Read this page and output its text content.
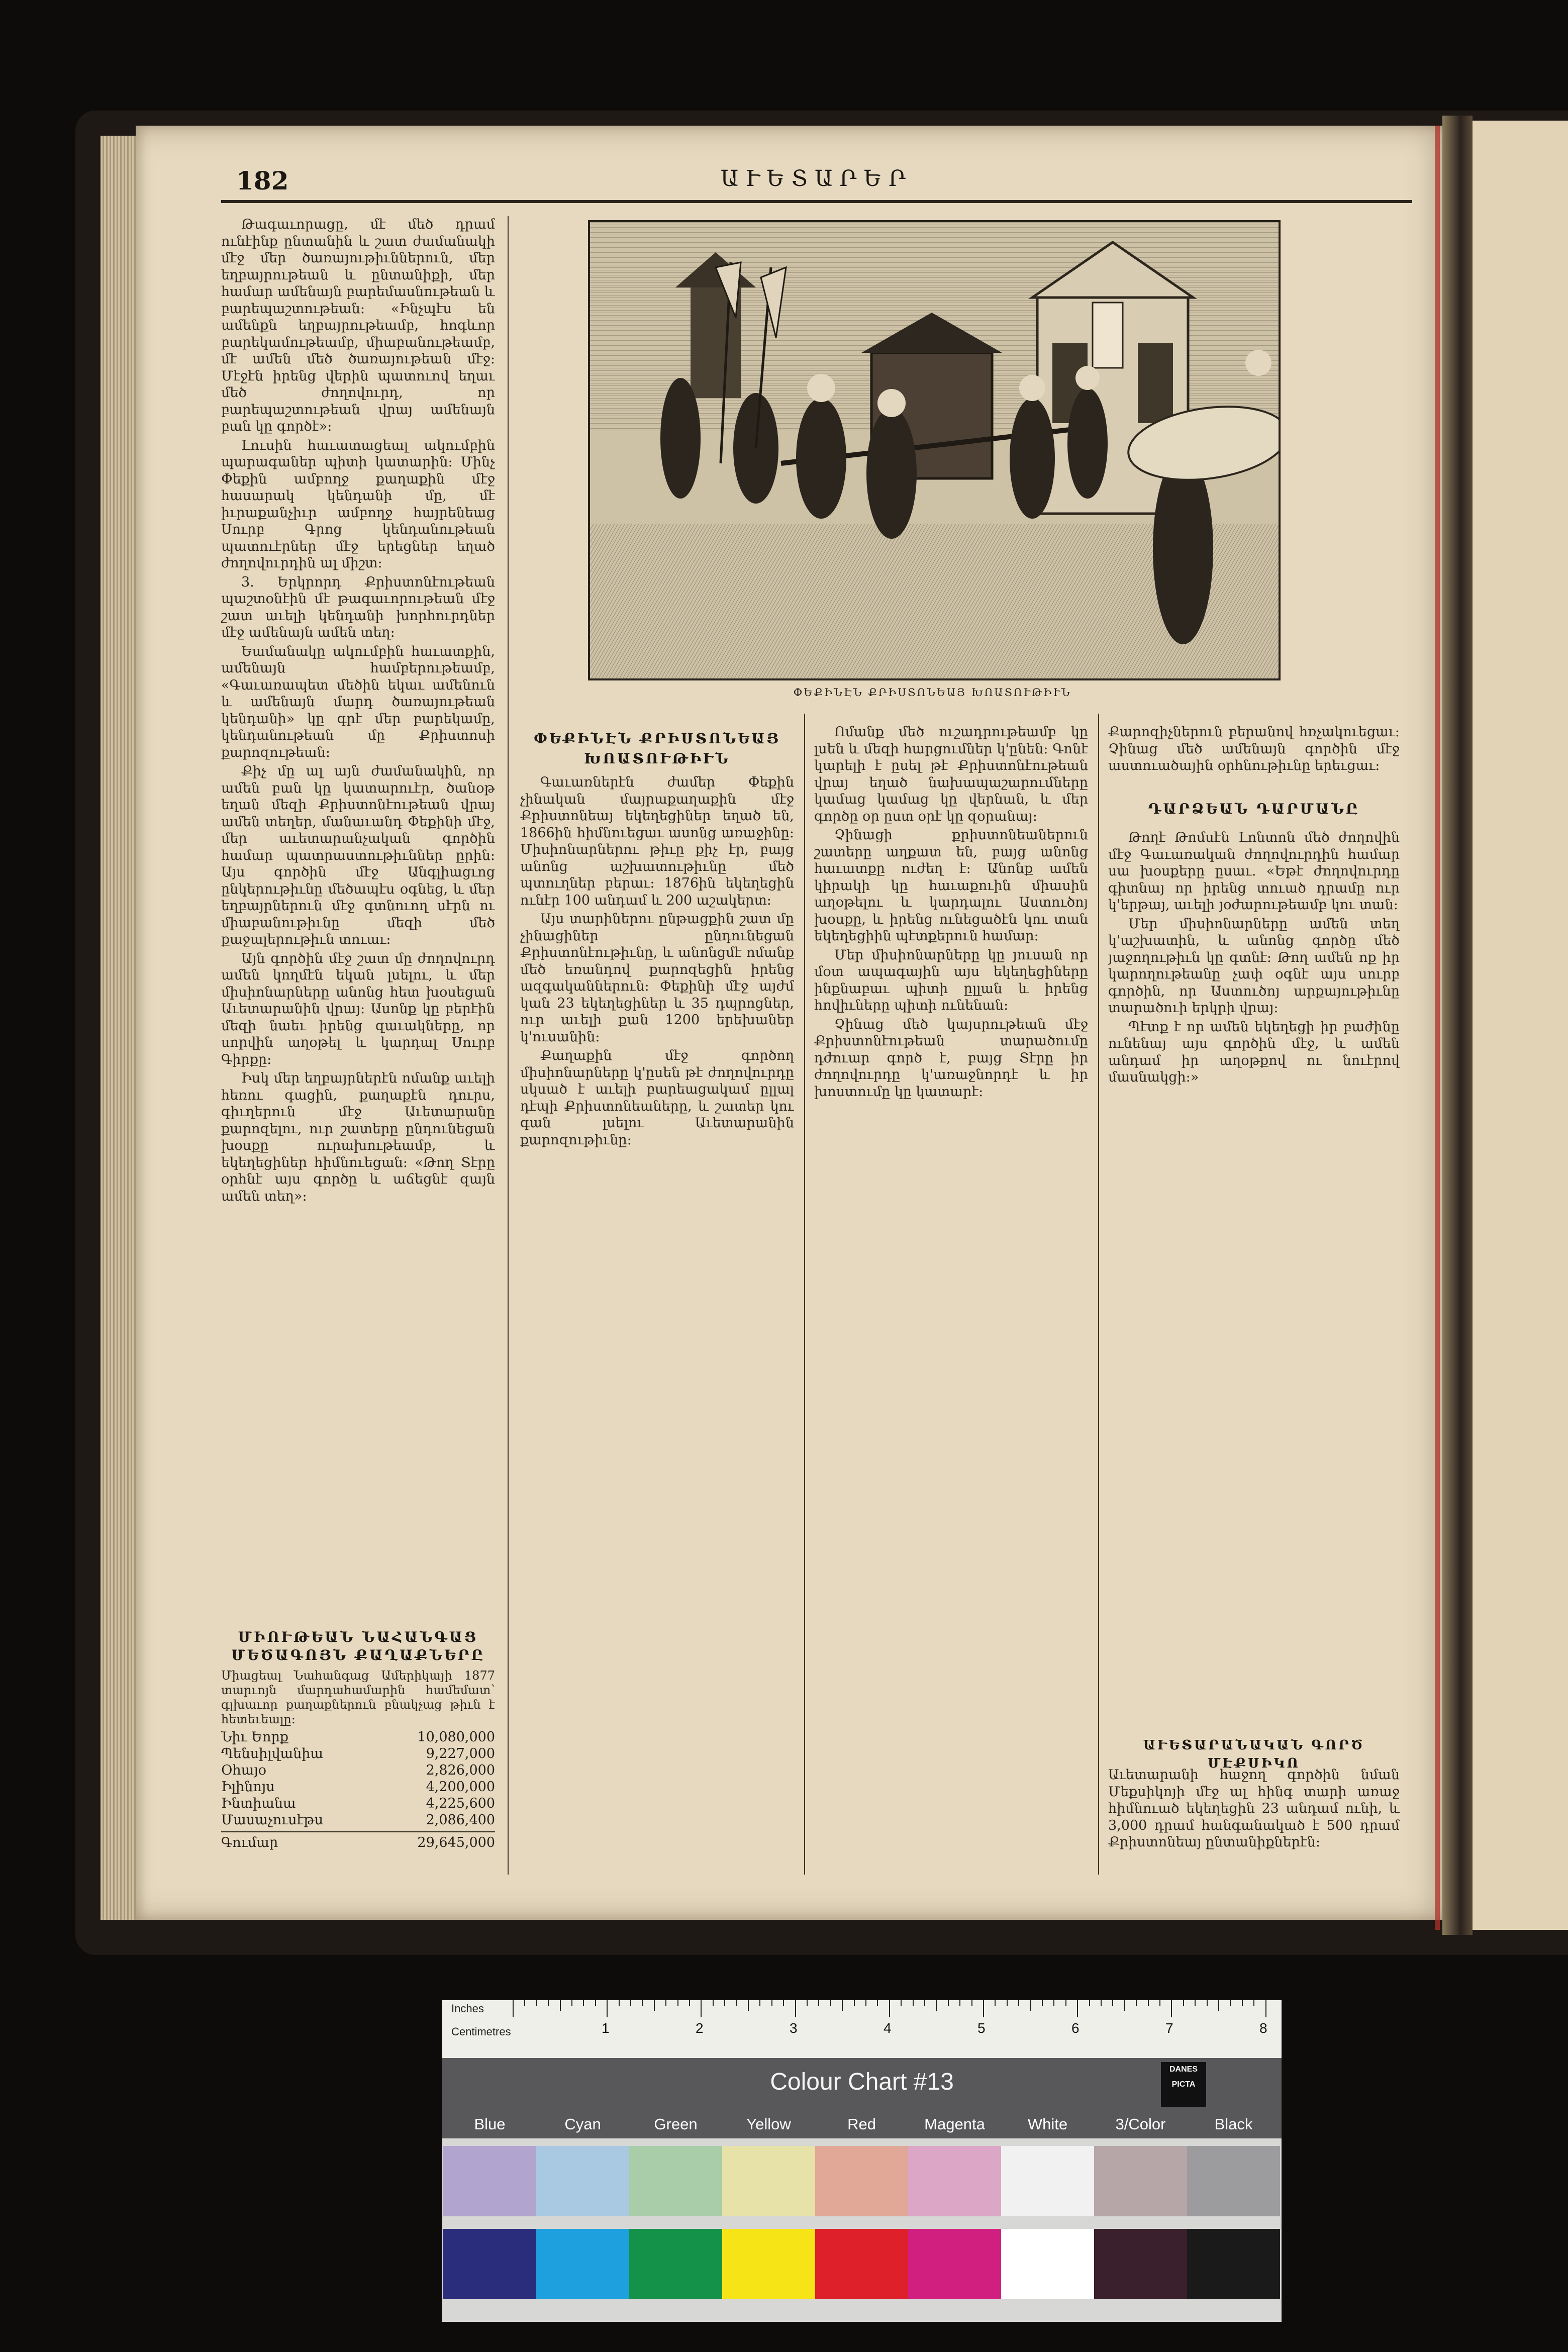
182	ԱՒԵՏԱՐԵՐ

Թագաւորացը, մէ մեծ դրամ ունէինք ընտանին և շատ ժամանակի մէջ մեր ծառայութիւններուն, մեր եղբայրութեան և ընտանիքի, մեր համար ամենայն բարեմասնութեան և բարեպաշտութեան: «Ինչպէս են ամենքն եղբայրութեամբ, հոգևոր բարեկամութեամբ, միաբանութեամբ, մէ ամեն մեծ ծառայութեան մէջ: Մէջէն իրենց վերին պատուով եղաւ մեծ ժողովուրդ, որ բարեպաշտութեան վրայ ամենայն բան կը գործէ»:

Լուսին հաւատացեալ ակումբին պարագաներ պիտի կատարին: Մինչ Փեքին ամբողջ քաղաքին մէջ հասարակ կենդանի մը, մէ իւրաքանչիւր ամբողջ հայրենեաց Սուրբ Գրոց կենդանութեան պատուէրներ մէջ երեցներ եղած ժողովուրդին ալ միշտ:

3. Երկրորդ Քրիստոնէութեան պաշտօնէին մէ թագաւորութեան մէջ շատ աւելի կենդանի խորհուրդներ մէջ ամենայն ամեն տեղ:

Եամանակը ակումբին հաւատքին, ամենայն համբերութեամբ, «Գաւառապետ մեծին եկաւ ամենուն և ամենայն մարդ ծառայութեան կենդանի» կը գրէ մեր բարեկամը, կենդանութեան մը Քրիստոսի քարոզութեան:

Քիչ մը ալ այն ժամանակին, որ ամեն բան կը կատարուէր, ծանօթ եղան մեզի Քրիստոնէութեան վրայ ամեն տեղեր, մանաւանդ Փեքինի մէջ, մեր աւետարանչական գործին համար պատրաստութիւններ ըրին: Այս գործին մէջ Անգլիացւոց ընկերութիւնը մեծապէս օգնեց, և մեր եղբայրներուն մէջ գտնուող սէրն ու միաբանութիւնը մեզի մեծ քաջալերութիւն տուաւ:

Այն գործին մէջ շատ մը ժողովուրդ ամեն կողմէն եկան լսելու, և մեր միսիոնարները անոնց հետ խօսեցան Աւետարանին վրայ: Ասոնք կը բերէին մեզի նաեւ իրենց զաւակները, որ սորվին աղօթել և կարդալ Սուրբ Գիրքը:

Իսկ մեր եղբայրներէն ոմանք աւելի հեռու գացին, քաղաքէն դուրս, գիւղերուն մէջ Աւետարանը քարոզելու, ուր շատերը ընդունեցան խօսքը ուրախութեամբ, և եկեղեցիներ հիմնուեցան: «Թող Տէրը օրհնէ այս գործը և աճեցնէ զայն ամեն տեղ»:

ՄԻՈՒԹԵԱՆ ՆԱՀԱՆԳԱՑ ՄԵԾԱԳՈՅՆ ՔԱՂԱՔՆԵՐԸ
Միացեալ Նահանգաց Ամերիկայի 1877 տարւոյն մարդահամարին համեմատ՝ գլխաւոր քաղաքներուն բնակչաց թիւն է հետեւեալը:
Նիւ Եորք	10,080,000
Պենսիլվանիա	9,227,000
Օհայօ	2,826,000
Իլինոյս	4,200,000
Ինտիանա	4,225,600
Մասաչուսէթս	2,086,400
Գումար	29,645,000
ՓԵՔԻՆԷՆ ՔՐԻՍՏՈՆԵԱՅ ԽՈԱՏՈՒԹԻՒՆ
ՓԵՔԻՆԷՆ ՔՐԻՍՏՈՆԵԱՅ ԽՈԱՏՈՒԹԻՒՆ

Գաւառներէն ժամեր Փեքին չինական մայրաքաղաքին մէջ Քրիստոնեայ եկեղեցիներ եղած են, 1866ին հիմնուեցաւ ասոնց առաջինը: Միսիոնարներու թիւը քիչ էր, բայց անոնց աշխատութիւնը մեծ պտուղներ բերաւ: 1876ին եկեղեցին ունէր 100 անդամ և 200 աշակերտ:

Այս տարիներու ընթացքին շատ մը չինացիներ ընդունեցան Քրիստոնէութիւնը, և անոնցմէ ոմանք մեծ եռանդով քարոզեցին իրենց ազգականներուն: Փեքինի մէջ այժմ կան 23 եկեղեցիներ և 35 դպրոցներ, ուր աւելի քան 1200 երեխաներ կ'ուսանին:

Քաղաքին մէջ գործող միսիոնարները կ'ըսեն թէ ժողովուրդը սկսած է աւելի բարեացակամ ըլլալ դէպի Քրիստոնեաները, և շատեր կու գան լսելու Աւետարանին քարոզութիւնը:

Ոմանք մեծ ուշադրութեամբ կը լսեն և մեզի հարցումներ կ'ընեն: Գոնէ կարելի է ըսել թէ Քրիստոնէութեան վրայ եղած նախապաշարումները կամաց կամաց կը վերնան, և մեր գործը օր ըստ օրէ կը զօրանայ:

Չինացի քրիստոնեաներուն շատերը աղքատ են, բայց անոնց հաւատքը ուժեղ է: Անոնք ամեն կիրակի կը հաւաքուին միասին աղօթելու և կարդալու Աստուծոյ խօսքը, և իրենց ունեցածէն կու տան եկեղեցիին պէտքերուն համար:

Մեր միսիոնարները կը յուսան որ մօտ ապագային այս եկեղեցիները ինքնաբաւ պիտի ըլլան և իրենց հովիւները պիտի ունենան:

Չինաց մեծ կայսրութեան մէջ Քրիստոնէութեան տարածումը դժուար գործ է, բայց Տէրը իր ժողովուրդը կ'առաջնորդէ և իր խոստումը կը կատարէ:

Քարոզիչներուն բերանով հռչակուեցաւ: Չինաց մեծ ամենայն գործին մէջ աստուածային օրհնութիւնը երեւցաւ:
ԴԱՐՁԵԱՆ ԴԱՐՄԱՆԸ

Թողէ Թոմսէն Լոնտոն մեծ ժողովին մէջ Գաւառական ժողովուրդին համար սա խօսքերը ըսաւ. «Եթէ ժողովուրդը գիտնայ որ իրենց տուած դրամը ուր կ'երթայ, աւելի յօժարութեամբ կու տան:

Մեր միսիոնարները ամեն տեղ կ'աշխատին, և անոնց գործը մեծ յաջողութիւն կը գտնէ: Թող ամեն ոք իր կարողութեանը չափ օգնէ այս սուրբ գործին, որ Աստուծոյ արքայութիւնը տարածուի երկրի վրայ:

Պէտք է որ ամեն եկեղեցի իր բաժինը ունենայ այս գործին մէջ, և ամեն անդամ իր աղօթքով ու նուէրով մասնակցի:»

ԱՒԵՏԱՐԱՆԱԿԱՆ ԳՈՐԾ ՄԷՔՍԻԿՈ
Աւետարանի հաջող գործին նման Մեքսիկոյի մէջ ալ հինգ տարի առաջ հիմնուած եկեղեցին 23 անդամ ունի, և 3,000 դրամ հանգանակած է 500 դրամ Քրիստոնեայ ընտանիքներէն:
Inches
Centimetres	1	2	3	4	5	6	7	8
Colour Chart #13	DANES PICTA
Blue	Cyan	Green	Yellow	Red	Magenta	White	3/Color	Black
